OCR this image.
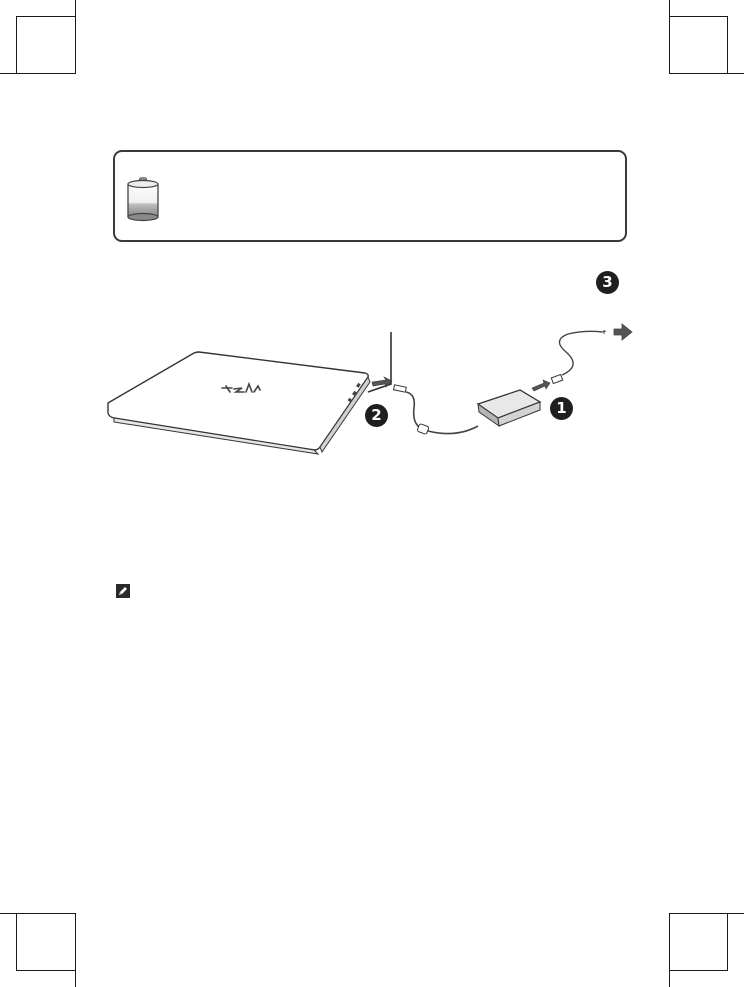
3
2	1
